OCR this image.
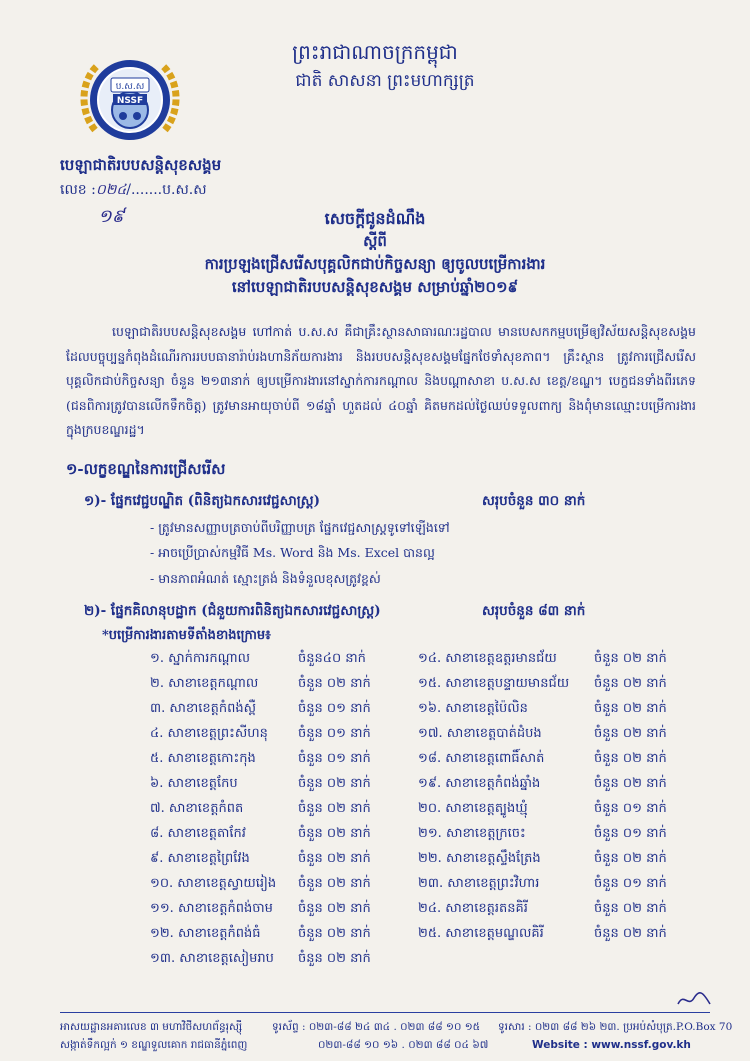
ព្រះរាជាណាចក្រកម្ពុជា
ជាតិ សាសនា ព្រះមហាក្សត្រ
ប.ស.ស
NSSF
បេឡាជាតិរបបសន្តិសុខសង្គម
លេខ :០២៤/.......ប.ស.ស
១៩	សេចក្តីជូនដំណឹង
ស្តីពី
ការប្រឡងជ្រើសរើសបុគ្គលិកជាប់កិច្ចសន្យា ឲ្យចូលបម្រើការងារ
នៅបេឡាជាតិរបបសន្តិសុខសង្គម សម្រាប់ឆ្នាំ២០១៩
បេឡាជាតិរបបសន្តិសុខសង្គម ហៅកាត់ ប.ស.ស គឺជាគ្រឹះស្ថានសាធារណៈរដ្ឋបាល មានបេសកកម្មបម្រើឲ្យវិស័យសន្តិសុខសង្គម ដែលបច្ចុប្បន្នកំពុងដំណើរការរបបធានារ៉ាប់រងហានិភ័យការងារ និងរបបសន្តិសុខសង្គមផ្នែកថែទាំសុខភាព។ គ្រឹះស្ថាន ត្រូវការជ្រើសរើសបុគ្គលិកជាប់កិច្ចសន្យា ចំនួន ២១៣នាក់ ឲ្យបម្រើការងារនៅស្នាក់ការកណ្តាល និងបណ្តាសាខា ប.ស.ស ខេត្ត/ខណ្ឌ។ បេក្ខជនទាំងពីរភេទ (ជនពិការត្រូវបានលើកទឹកចិត្ត) ត្រូវមានអាយុចាប់ពី ១៨ឆ្នាំ ហួតដល់ ៤០ឆ្នាំ គិតមកដល់ថ្ងៃឈប់ទទួលពាក្យ និងពុំមានឈ្មោះបម្រើការងារក្នុងក្របខណ្ឌរដ្ឋ។
១-លក្ខខណ្ឌនៃការជ្រើសរើស
១)- ផ្នែកវេជ្ជបណ្ឌិត (ពិនិត្យឯកសារវេជ្ជសាស្ត្រ)	សរុបចំនួន ៣០ នាក់
- ត្រូវមានសញ្ញាបត្រចាប់ពីបរិញ្ញាបត្រ ផ្នែកវេជ្ជសាស្ត្រទូទៅឡើងទៅ
- អាចប្រើប្រាស់កម្មវិធី Ms. Word និង Ms. Excel បានល្អ
- មានភាពអំណត់ ស្មោះត្រង់ និងទំនួលខុសត្រូវខ្ពស់
២)- ផ្នែកគិលានុបដ្ឋាក (ជំនួយការពិនិត្យឯកសារវេជ្ជសាស្ត្រ)	សរុបចំនួន ៨៣ នាក់
*បម្រើការងារតាមទីតាំងខាងក្រោម៖
១. ស្នាក់ការកណ្តាល	ចំនួន៤០ នាក់
២. សាខាខេត្តកណ្តាល	ចំនួន ០២ នាក់
៣. សាខាខេត្តកំពង់ស្ពឺ	ចំនួន ០១ នាក់
៤. សាខាខេត្តព្រះសីហនុ ចំនួន ០១ នាក់
៥. សាខាខេត្តកោះកុង	ចំនួន ០១ នាក់
៦. សាខាខេត្តកែប	ចំនួន ០២ នាក់
៧. សាខាខេត្តកំពត	ចំនួន ០២ នាក់
៨. សាខាខេត្តតាកែវ	ចំនួន ០២ នាក់
៩. សាខាខេត្តព្រៃវែង	ចំនួន ០២ នាក់
១០. សាខាខេត្តស្វាយរៀង ចំនួន ០២ នាក់
១១. សាខាខេត្តកំពង់ចាម ចំនួន ០២ នាក់
១២. សាខាខេត្តកំពង់ធំ	ចំនួន ០២ នាក់
១៣. សាខាខេត្តសៀមរាប ចំនួន ០២ នាក់
១៤. សាខាខេត្តឧត្តរមានជ័យ	ចំនួន ០២ នាក់
១៥. សាខាខេត្តបន្ទាយមានជ័យ ចំនួន ០២ នាក់
១៦. សាខាខេត្តប៉ៃលិន	ចំនួន ០២ នាក់
១៧. សាខាខេត្តបាត់ដំបង	ចំនួន ០២ នាក់
១៨. សាខាខេត្តពោធិ៍សាត់	ចំនួន ០២ នាក់
១៩. សាខាខេត្តកំពង់ឆ្នាំង	ចំនួន ០២ នាក់
២០. សាខាខេត្តត្បូងឃ្មុំ	ចំនួន ០១ នាក់
២១. សាខាខេត្តក្រចេះ	ចំនួន ០១ នាក់
២២. សាខាខេត្តស្ទឹងត្រែង	ចំនួន ០២ នាក់
២៣. សាខាខេត្តព្រះវិហារ	ចំនួន ០១ នាក់
២៤. សាខាខេត្តរតនគិរី	ចំនួន ០២ នាក់
២៥. សាខាខេត្តមណ្ឌលគិរី	ចំនួន ០២ នាក់
អាសយដ្ឋានអគារលេខ ៣ មហាវិថីសហព័ន្ធរុស្ស៊ី
សង្កាត់ទឹកល្អក់ ១ ខណ្ឌទួលគោក រាជធានីភ្នំពេញ
ទូរស័ព្ទ : ០២៣-៨៨ ២៤ ៣៤ . ០២៣ ៨៨ ១០ ១៥
០២៣-៨៨ ១០ ១៦ . ០២៣ ៨៨ ០៤ ៦៧
ទូរសារ : ០២៣ ៨៨ ២៦ ២៣. ប្រអប់សំបុត្រ.P.O.Box 70
Website : www.nssf.gov.kh
